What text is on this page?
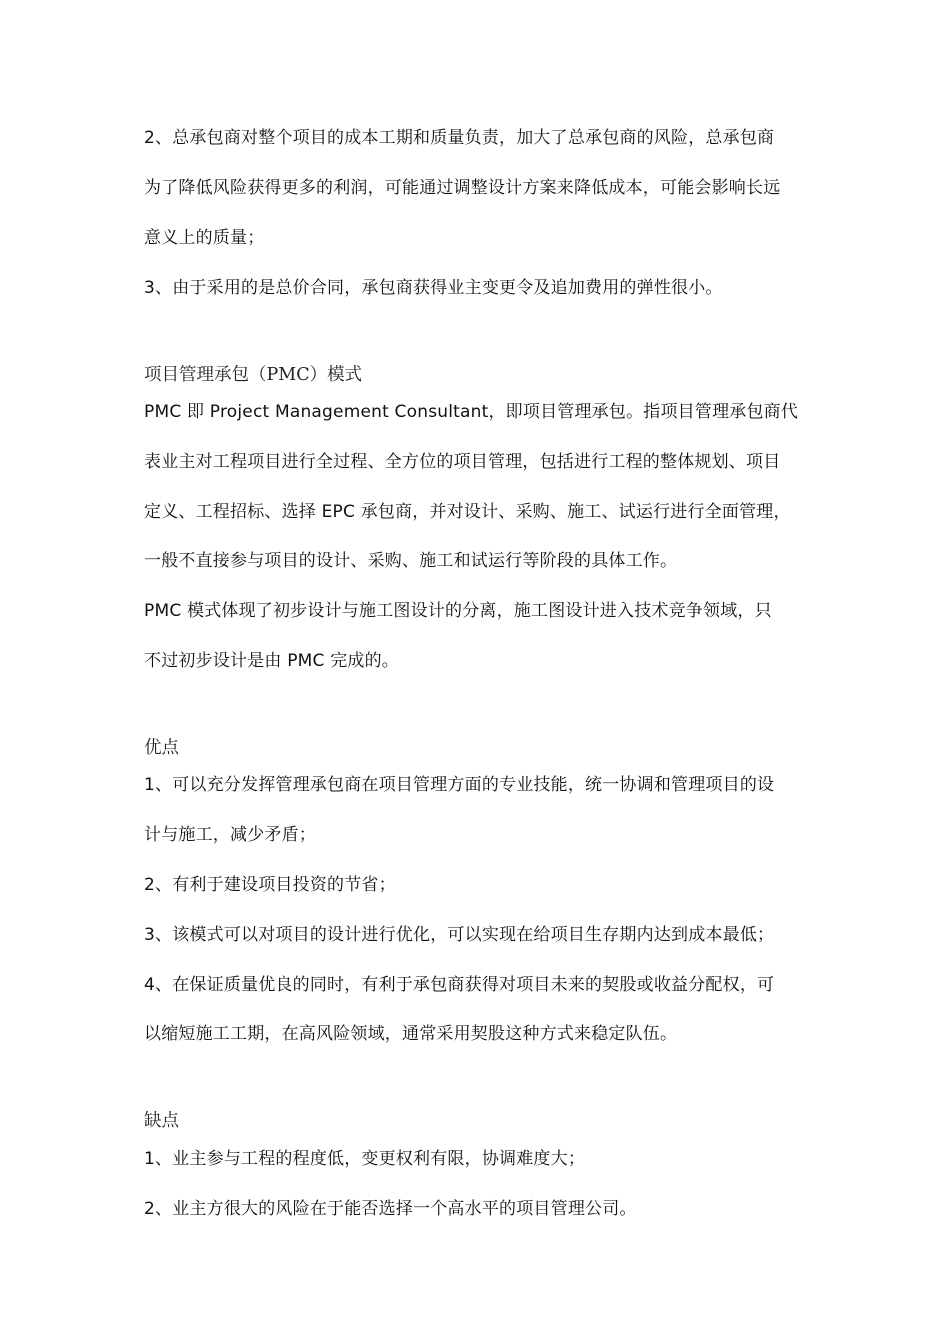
2、总承包商对整个项目的成本工期和质量负责，加大了总承包商的风险，总承包商
为了降低风险获得更多的利润，可能通过调整设计方案来降低成本，可能会影响长远
意义上的质量；
3、由于采用的是总价合同，承包商获得业主变更令及追加费用的弹性很小。
项目管理承包（PMC）模式
PMC 即 Project Management Consultant，即项目管理承包。指项目管理承包商代
表业主对工程项目进行全过程、全方位的项目管理，包括进行工程的整体规划、项目
定义、工程招标、选择 EPC 承包商，并对设计、采购、施工、试运行进行全面管理，
一般不直接参与项目的设计、采购、施工和试运行等阶段的具体工作。
PMC 模式体现了初步设计与施工图设计的分离，施工图设计进入技术竞争领域，只
不过初步设计是由 PMC 完成的。
优点
1、可以充分发挥管理承包商在项目管理方面的专业技能，统一协调和管理项目的设
计与施工，减少矛盾；
2、有利于建设项目投资的节省；
3、该模式可以对项目的设计进行优化，可以实现在给项目生存期内达到成本最低；
4、在保证质量优良的同时，有利于承包商获得对项目未来的契股或收益分配权，可
以缩短施工工期，在高风险领域，通常采用契股这种方式来稳定队伍。
缺点
1、业主参与工程的程度低，变更权利有限，协调难度大；
2、业主方很大的风险在于能否选择一个高水平的项目管理公司。
